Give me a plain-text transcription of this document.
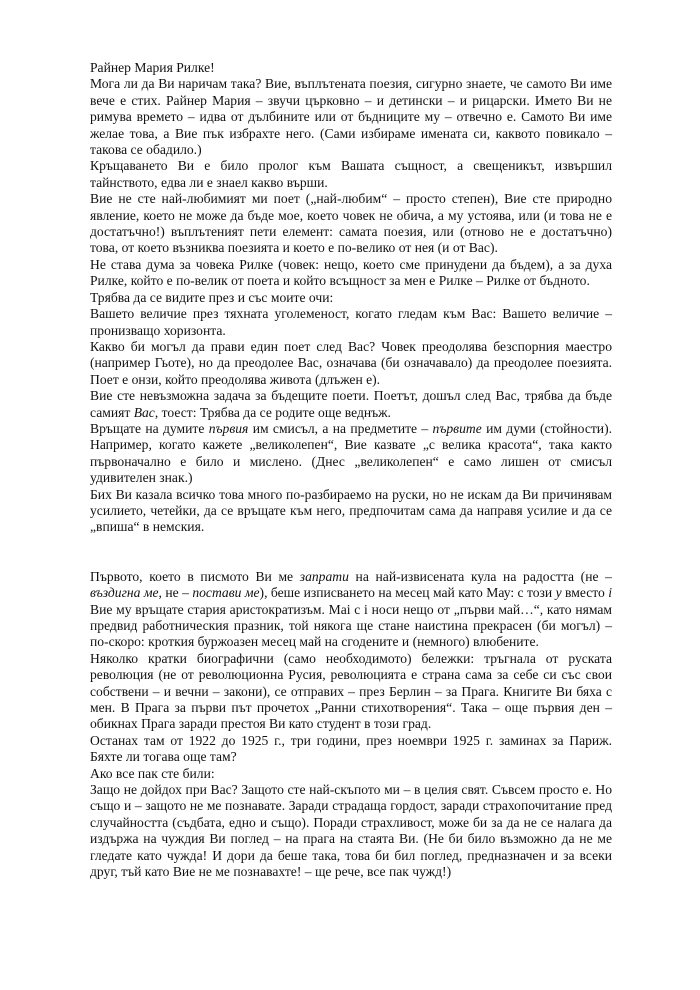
Райнер Мария Рилке!

Мога ли да Ви наричам така? Вие, въплътената поезия, сигурно знаете, че самото Ви име вече е стих. Райнер Мария – звучи църковно – и детински – и рицарски. Името Ви не римува времето – идва от дълбините или от бъдниците му – отвечно е. Самото Ви име желае това, а Вие пък избрахте него. (Сами избираме имената си, каквото повикало – такова се обадило.)

Кръщаването Ви е било пролог към Вашата същност, а свещеникът, извършил тайнството, едва ли е знаел какво върши.

Вие не сте най-любимият ми поет („най-любим“ – просто степен), Вие сте природно явление, което не може да бъде мое, което човек не обича, а му устоява, или (и това не е достатъчно!) въплътеният пети елемент: самата поезия, или (отново не е достатъчно) това, от което възниква поезията и което е по-велико от нея (и от Вас).

Не става дума за човека Рилке (човек: нещо, което сме принудени да бъдем), а за духа Рилке, който е по-велик от поета и който всъщност за мен е Рилке – Рилке от бъдното.

Трябва да се видите през и със моите очи:

Вашето величие през тяхната уголеменост, когато гледам към Вас: Вашето величие – пронизващо хоризонта.

Какво би могъл да прави един поет след Вас? Човек преодолява безспорния маестро (например Гьоте), но да преодолее Вас, означава (би означавало) да преодолее поезията. Поет е онзи, който преодолява живота (длъжен е).

Вие сте невъзможна задача за бъдещите поети. Поетът, дошъл след Вас, трябва да бъде самият Вас, тоест: Трябва да се родите още веднъж.

Връщате на думите първия им смисъл, а на предметите – първите им думи (стойности). Например, когато кажете „великолепен“, Вие казвате „с велика красота“, така както първоначално е било и мислено. (Днес „великолепен“ е само лишен от смисъл удивителен знак.)

Бих Ви казала всичко това много по-разбираемо на руски, но не искам да Ви причинявам усилието, четейки, да се връщате към него, предпочитам сама да направя усилие и да се „впиша“ в немския.

Първото, което в писмото Ви ме запрати на най-извисената кула на радостта (не – въздигна ме, не – постави ме), беше изписването на месец май като Мау: с този у вместо i Вие му връщате стария аристократизъм. Mai с i носи нещо от „първи май…“, като нямам предвид работническия празник, той някога ще стане наистина прекрасен (би могъл) – по-скоро: кроткия буржоазен месец май на сгодените и (немного) влюбените.

Няколко кратки биографични (само необходимото) бележки: тръгнала от руската революция (не от революционна Русия, революцията е страна сама за себе си със свои собствени – и вечни – закони), се отправих – през Берлин – за Прага. Книгите Ви бяха с мен. В Прага за първи път прочетох „Ранни стихотворения“. Така – още първия ден – обикнах Прага заради престоя Ви като студент в този град.

Останах там от 1922 до 1925 г., три години, през ноември 1925 г. заминах за Париж. Бяхте ли тогава още там?

Ако все пак сте били:

Защо не дойдох при Вас? Защото сте най-скъпото ми – в целия свят. Съвсем просто е. Но също и – защото не ме познавате. Заради страдаща гордост, заради страхопочитание пред случайността (съдбата, едно и също). Поради страхливост, може би за да не се налага да издържа на чуждия Ви поглед – на прага на стаята Ви. (Не би било възможно да не ме гледате като чужда! И дори да беше така, това би бил поглед, предназначен и за всеки друг, тъй като Вие не ме познавахте! – ще рече, все пак чужд!)
